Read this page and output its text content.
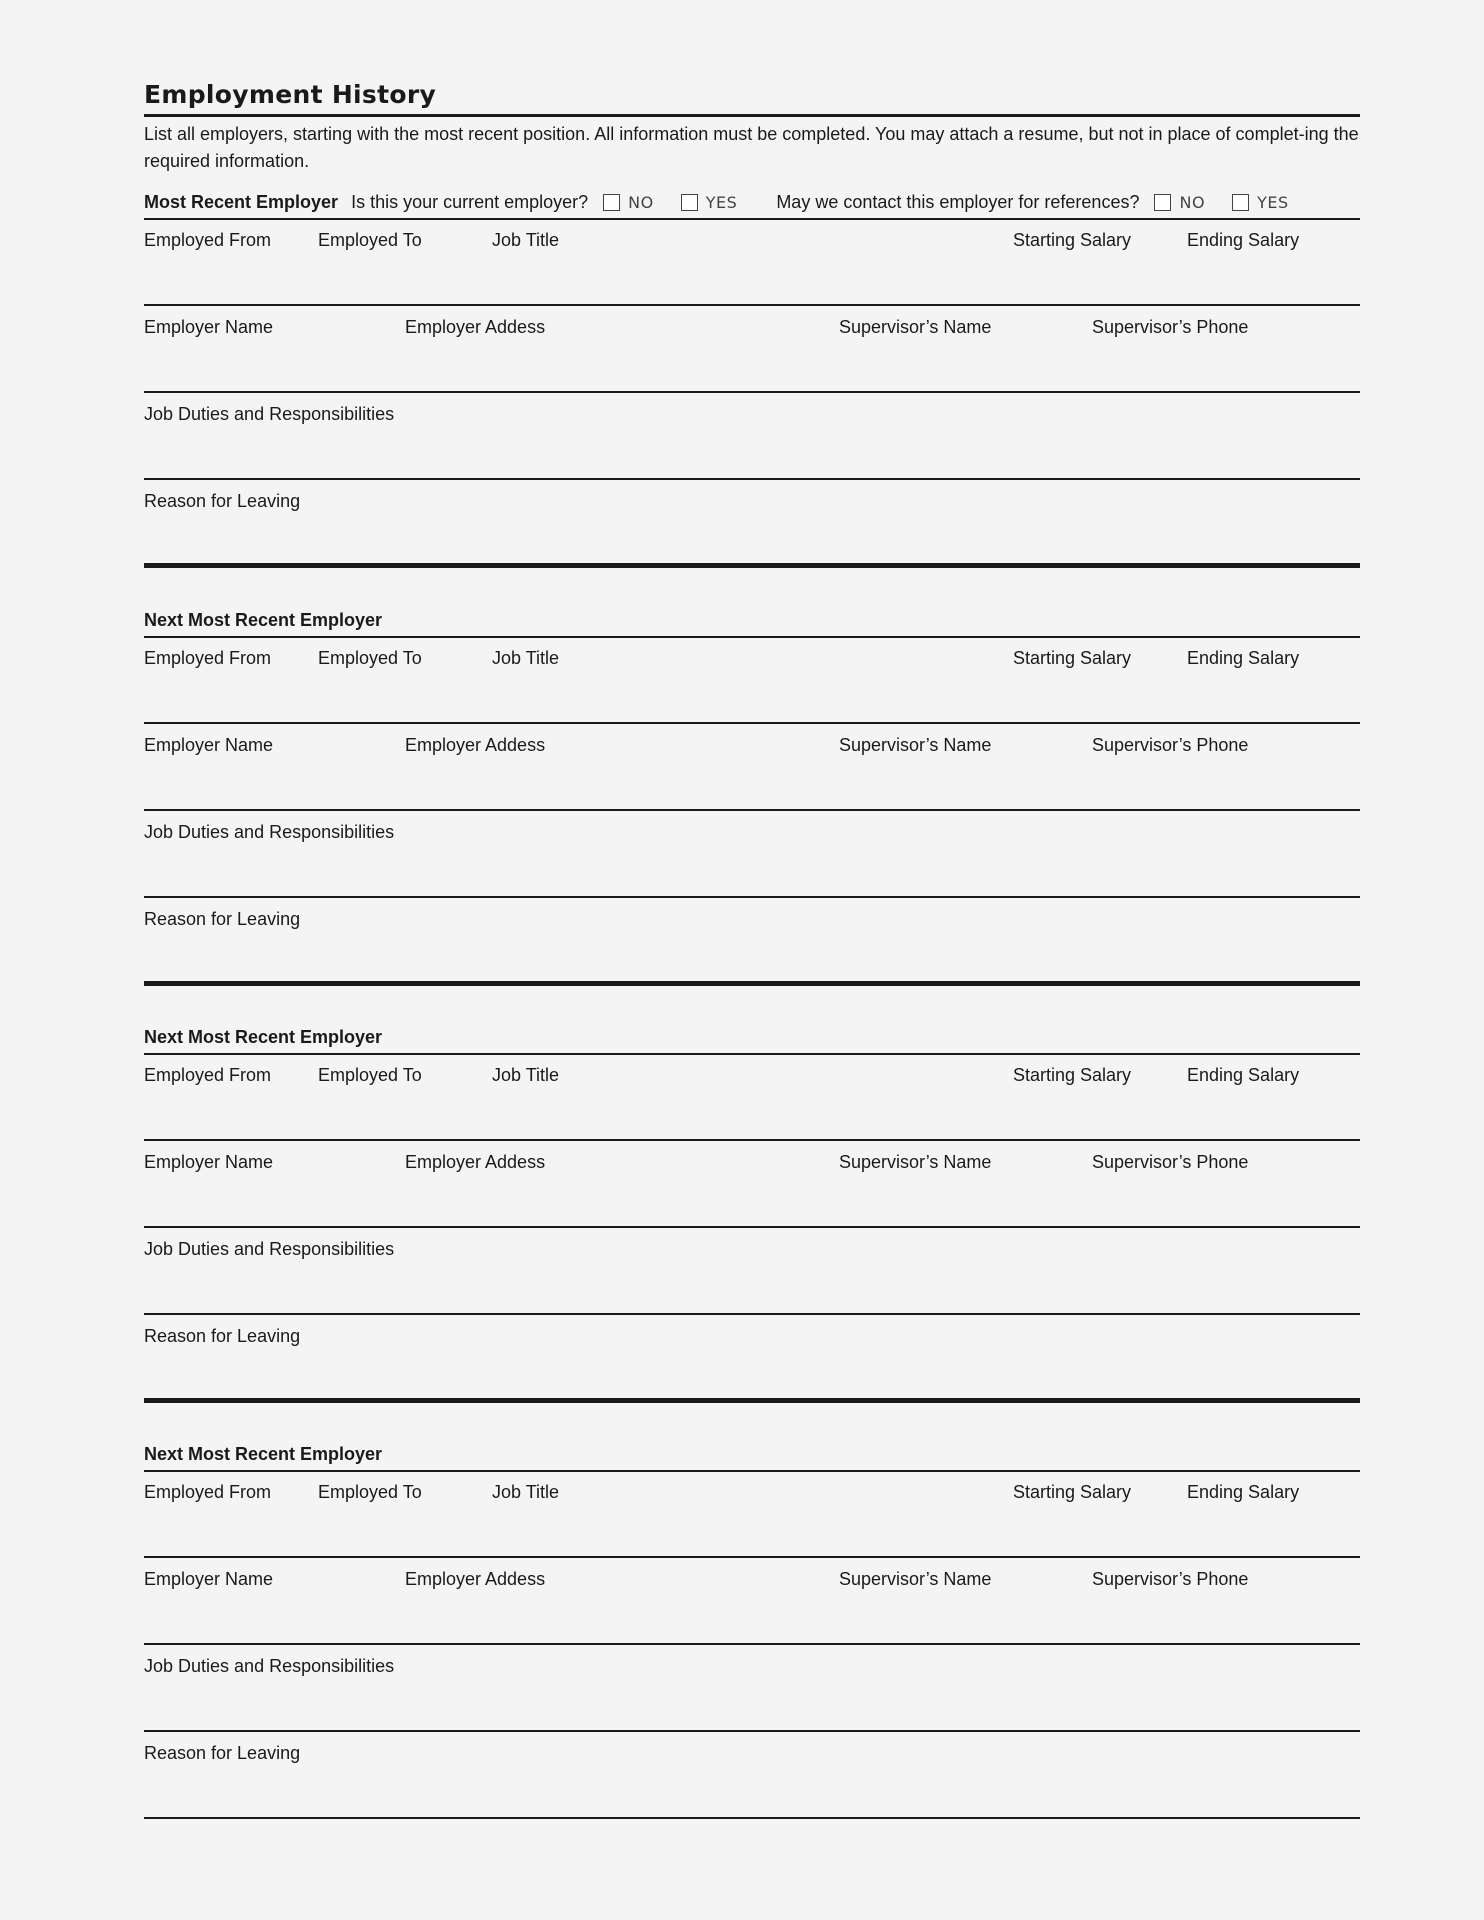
Employment History
List all employers, starting with the most recent position. All information must be completed. You may attach a resume, but not in place of complet-ing the required information.
Most Recent Employer Is this your current employer?	NO	YES May we contact this employer for references?	NO	YES
Employed From	Employed To	Job Title	Starting Salary	Ending Salary
Employer Name	Employer Addess	Supervisor’s Name	Supervisor’s Phone
Job Duties and Responsibilities
Reason for Leaving
Next Most Recent Employer
Employed From	Employed To	Job Title	Starting Salary	Ending Salary
Employer Name	Employer Addess	Supervisor’s Name	Supervisor’s Phone
Job Duties and Responsibilities
Reason for Leaving
Next Most Recent Employer
Employed From	Employed To	Job Title	Starting Salary	Ending Salary
Employer Name	Employer Addess	Supervisor’s Name	Supervisor’s Phone
Job Duties and Responsibilities
Reason for Leaving
Next Most Recent Employer
Employed From	Employed To	Job Title	Starting Salary	Ending Salary
Employer Name	Employer Addess	Supervisor’s Name	Supervisor’s Phone
Job Duties and Responsibilities
Reason for Leaving
